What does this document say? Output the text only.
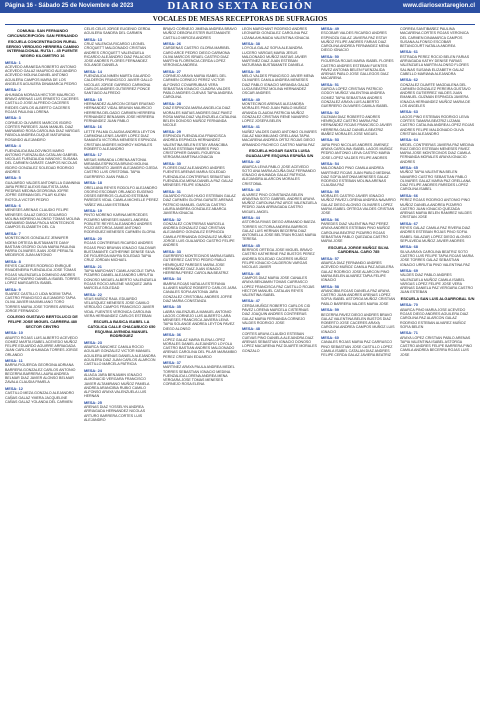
Página 16 - Sábado 25 de Noviembre de 2023	DIARIO SEXTA REGIÓN	www.diariosextaregion.cl
VOCALES DE MESAS RECEPTORAS DE SUFRAGIOS
COMUNA: SAN FERNANDO CIRCUNSCRIPCIÓN: SAN FERNANDO
ESCUELA CONCENTRACION RURAL SERGIO VERDUGO HERRERA CAMINO INTERNACIONAL RUTA I - 45 PUENTE NEGRO KILOMETRO 16
MESA: 1
ACEVEDO ARANEDA ROBERTO ANTONIO ACEVEDO GALAZ MAURICIO ALEJANDRO ACEVEDO MOLINA DANIEL ANTONIO AGUILERA CAMPOS MARIA DE LOS ANGELES AGUILERA DINAMARCA PEDRO
MESA: 2
AHUMADA MORAGA HECTOR MAURICIO BRAVO ARENAS LUIS ERNESTO CACERES CASTILLO JOSE ALFREDO CACERES RIEDES CARLOS ALBERTO CACERES ROJAS PAULINA LORENA
MESA: 3
CORNEJO OLIVARES MARCOS ISIDRO CORTES PAREDES JUAN MANUEL DIAZ MARAMBIO ROSA CAROLINA DIAZ VARGAS FABIOLA ANDREA DUQUE MATURANA ROSANDO ALEJANDRO
MESA: 4
FUENZALIDA BALDOVINOS MARIO ANTONIO FUENZALIDA CATALAN GABRIEL NICOLAS FUENZALIDA IVANOVIC SUSANA DEL CARMEN GARATE CAMPOS NICOLAS ISIDRO GONZALEZ SOLEDAD RODRIGO ANDRES
MESA: 5
GUAJARDO VALDES ANTONELLA GIANNINA JARA PEREZ ALEXIS BAUTISTA JARA PIEDRAS MEDINA GEORGINA JOFRE JOFRE GERMAN DEL PILAR KLENN RIOTOLA VICTOR PEDRO
MESA: 6
MENESES ARENAS CLAUDIO FELIPE MENESES GALAZ DIEGO EDUARDO MOLINA MORENO ALONSO TOMAS MOLINA MARAMBIO DIANA PAOLA MONTECINOS CAMPOS ELIZABETH DEL CA
MESA: 7
MONTECINOS GONZALEZ JENNIFER NOEMI ORTEGA BUSTAMANTE DANY BASTIAN OSORIO OLIVA MARIA PAULINA PARRA OLIVARES JUAN JOSE PERALTA MEDEIROS JUAN ANTONIO
MESA: 8
REYES CACERES RODRIGO ENRIQUE RIVADENEIRA FUENZALIDA JOSE TOMAS ROJAS VALENZUELA DOMINGO ANDRES ROZAS PIZARRO DANIELA ISABEL TORRES LOPEZ MARGARITA ISABEL
MESA: 9
SUAREZ CASTILLO LIDIA NOEMI TAPIA CASTRO FRANCISCO ALEJANDRO TAPIA OLIVA JAVIER MAXIMILIANO TORO TORRES MARIA JOSE TORRES ARENAS JORGE FERNANDO
COLEGIO GUSTAVO BERTOLUCCI DE FELIPE JOSE MIGUEL CARRERA 480 SECTOR CENTRO
MESA: 10
ABURTO ROJAS LUIS ALBERTO ACEVEDO GOMEZ MARTA ISABEL ACEVEDO MUÑOZ FELIPE EDUARDO AGUIRRE ARRIAGADA JUAN CARLOS AHUMADA TORRES JORGE ORLANDO
MESA: 11
BARRA FIGUEROA GEORGINA ADRIANA BARRERA GONZALEZ CARLOS ANTONIO BECERRA BARRERA LAURA ANDREA BELMAR DIAZ JAVIER ALONSO BELMAR ZAVALA CLAUDIA PAMELA
MESA: 12
CASTILLO MEZA GONZALO ALEJANDRO CAÑAS GALAZ YMERA JACQUELINE CAÑAS GALAZ YOLANDA DEL CARMEN
CELIS CELIS JORGE EUGENIO CERDA AGUILERA SANDRA DEL CARMEN
MESA: 13
CRUZ VALENCIA RICARDO LEONEL CROQUETT MALDONADO CRISTIAN ANDRES CROQUETT VALENZUELA RICARDO ALEJANDRO DIAZ PALACIOS JOSE ANDRES FLORES FERNANDEZ SOLANGE DANIELA
MESA: 14
FUENZALIDA NIMEN MARTA GALARDO CALDERON FRANCISCO JAVIER GALLO NICOLAS JORGE GARRIDO CARMONA CARLOS ANDRES GUTIERREZ PONCE SANTIAGO ALFREDO
MESA: 15
HERNANDEZ ALARCON CESAR ERASMO HERNANDEZ VIDAL BRAYAN MAURICIO HERRERA DELGADO CARMEN HERRERA FERNANDEZ BENJAMIN JOSE HERRERA FERNANDEZ JUAN PABLO
MESA: 16
LETTE PALMA CLAUDIA ANDREA LEYTON CARMONA LENIS JAVIER LOPEZ DIAZ SAMANTA VICTORIA MENESES ESPINOZA CRISTIAN ANDRES MONROY MORALES ROBERTO ALEJANDRO
MESA: 17
MESAS MIRANDA LORENA ANTONIA MIRANDA ESPINOSA BRUNO MOLINA VALDEBENITO JAVIER ALEJANDRO OJEDA CASTRO LUIS CRISTOBAL TAPIA GUERRERO JUAN PABLO
MESA: 18
ORELLANA REYES RODOLFO ALEJANDRO OSORIO ESCOBAR ORLANDO EUGENIO OSSES BERRIOS CLAUDIO ESTEBAN PAREDES VIDAL CAMILA MICHELLE PEREZ YAÑEZ WILLIAM ESTEBAN
MESA: 19
PINTO MORENO KARINA MERCEDES PIZARRO MENESES MAIKEL ANDREA POBLETE REYES ALEJANDRO ANDRES POZO ASTORGA JAIME ANTONIO RODRIGUEZ MENESES CARMEN GLORIA
MESA: 20
ROJAS CONTRERAS RICARDO ANDRES ROJAS PINO BRAYAN IGNACIO SALDIVAR BUSTAMANTE CATHERINE DENISE SILVA DE FIGUEROA MAYRA SOLEDAD TAPIA CRUZ JORDAN MICHAEL
MESA: 21
TAPIA MARCHANT CAMILA NICOLE TAPIA PIZARRO DANIEL ALEJANDRO URRUTIA DONOSO MIGUEL ALBERTO VALENZUELA ROJAS ROCIO ARLENE VASQUEZ JARA MARCELA SOLEDAD
MESA: 22
VEAS MUÑOZ RAUL EDUARDO VELASQUEZ MENESES JOSE CAMILO VERDUGO CAMPOS FRANCISCO JAVIER VIDAL FUENTES VERONICA CAROLINA VIERA HERNANDEZ CARLOS ESTEBAN
ESCUELA BASICA ISABEL LA CATOLICA CALLE CHACABUCO 650 ESQUINA AVENIDA MANUEL RODRIGUEZ
MESA: 23
ABARCA SANCHEZ CAMILA ROCIO AGUILAR GONZALEZ VICTOR MANUEL AGUILERA ARENAS DANIELA ALEJANDRA AGUILERA DIAZ JUAN CARLOS ALARCON CASTILLO MARCELA PATRICIA
MESA: 24
ALIAGA JARA BENJAMIN IGNACIO ALMONACID VERGARA FRANCISCO JAVIER ALTAMIRANO MUÑOZ PAMELA ANDREA ARANCIBIA RUBIO CAMILO ALFONSO ARAYA VALENZUELA LUIS HERNAN
MESA: 25
ARENAS DIAZ YOSSELYN ANDREA ARRIAGADA HERNANDEZ NICOLAS ARTURO BARRERA CORTES LUIS ALEJANDRO
BRAVO CORNEJO JIMENA ANDREA BRAVO MUÑOZ DEBORA ESTER BUSTAMANTE CASTILLO MIRCEA ANDRES
MESA: 26
CARDENAS CASTRO GLORIA MARIBEL CARO ARCE PEDRO DIEGO CARMONA OLIVA MARCOS ISRAEL CASTRO DIAZ MARTHA FLORENCIA CERDA LOPEZ VERONICA ANDREA
MESA: 27
CORNEJO ARAYA MARIA ISABEL DEL CARMEN CORNEJO PEREZ VICTOR ALFONSO COVARRUBIAS VERA SEBASTIAN IGNACIO CUADRA VALDES PABLO ANDRES CUEVAS TAPIA ANDREA CAROLINA
MESA: 28
DIAZ ESPINOZA MARIA ANGELICA DIAZ MORALES MATIAS ANDRES DIAZ PAVEZ ROSA MARIA DIAZ VALENZUELA CATALINA BELEN DONOSO MUÑOZ FERNANDA NICOLE
MESA: 29
ESPINOZA FUENZALIDA FRANCISCA ANDREA ESPINOZA HERNANDEZ VALENTINA BELEN ESTAY ARANCIBIA MATIAS ESTEBAN FABRES PINO CRISTOPHER DANIEL FIGUEROA VERGARA MARTINA IGNACIA
MESA: 30
FLORES DIAZ ALEJANDRO ANDRES FUENTES ARENAS MARIA SOLEDAD FUENZALIDA CONTRERAS SEBASTIAN FUENZALIDA MENA DANIELA PAZ GALAZ MENESES FELIPE IGNACIO
MESA: 31
GAJARDO ROJAS HUGO ESTEBAN GALAZ DIAZ CARMEN GLORIA GARATE ARENAS PATRICIO MANUEL GARCIA CASTRO LAURA ANDREA GONZALEZ ABARCA JAVIERA IGNACIA
MESA: 32
GONZALEZ CONTRERAS MARCELA ANDREA GONZALEZ DIAZ CRISTIAN ALEJANDRO GONZALEZ ESPINOZA CAMILA FERNANDA GONZALEZ MUÑOZ JORGE LUIS GUAJARDO CASTRO FELIPE ANDRES
MESA: 33
GUERRERO MONTECINOS MARIA ISABEL GUTIERREZ CASTRO PEDRO PABLO HENRIQUEZ PAREDES MARIA JOSE HERNANDEZ DIAZ JUAN IGNACIO HERRERA PEREZ CAROLINA BEATRIZ
MESA: 34
IBARRA ROJAS NATALIA ESTEFANIA ILLANES MUÑOZ ROBERTO CARLOS JARA CANALES SOFIA ANTONIA JARA GONZALEZ CRISTOBAL ANDRES JOFRE DIAZ MARIA CONSTANZA
MESA: 35
LABRA VALENZUELA MANUEL ANTONIO LAGOS CORNEJO LUIS ALBERTO LARA MENESES FRANCISCA JAVIERA LEIVA TAPIA SOLANGE ANDREA LEYTON PAVEZ DIEGO ALONSO
MESA: 36
LOPEZ GALAZ MARIA ELENA LOPEZ MORALES DANIEL ALEJANDRO LOYOLA CASTRO BASTIAN ANDRES MALDONADO ARENAS CAROLINA DEL PILAR MARAMBIO PEREZ CRISTIAN EDUARDO
MESA: 37
MARTINEZ ARAYA PAULA ANDREA MEDEL TORRES SEBASTIAN IGNACIO MEDINA FUENZALIDA LORENA ANDREA MENA VERGARA JOSE TOMAS MENESES CORNEJO ROSA ELENA
LEON MARCHANT RODRIGO ANDRES LEONARDI GONZALEZ CAROLINA PAZ LIZANA AHUMADA VALENTINA IGNACIA
MESA: 38
LOYOLA GALAZ SOFIA ALEJANDRA LUCERO VARGAS MARIA JESUS MALDONADO MUÑOZ MATIAS JAVIER MARTINEZ DIAZ JUAN ESTEBAN MATURANA BUSTAMANTE DANIELA
MESA: 39
MELO VALDES FRANCISCO JAVIER MENA OLIVARES CAMILA ANDREA MENESES DIAZ PABLO IGNACIO MIRANDA GALAZ LUCIA BEATRIZ MOLINA HERNANDEZ OSCAR ANDRES
MESA: 40
MONTECINOS ARENAS ALEJANDRA MORALES PINO JUAN PABLO MUÑOZ ARANDA CLAUDIA PATRICIA MUÑOZ GONZALEZ CRISTIAN RENE NAVARRO LOPEZ JOSEFA BELEN
MESA: 41
NUÑEZ VALDES DAVID ANTONIO OLIVARES GALAZ MAXIMILIANO ORELLANA TAPIA MACARENA ANDREA ORTIZ ROJAS DIEGO ARMANDO PACHECO CASTRO MARIA PAZ
ESCUELA HOGAR SANTA LUISA GUADALUPE ESQUINA ESPAÑA S/N
MESA: 42
ABARCA LEIVA PABLO JOSE ACEVEDO SOTO ANA MARIA ACUÑA DIAZ FERNANDO IGNACIO AHUMADA GALAZ PATRICIA ALEJANDRA ALARCON MORALES CRISTOBAL
MESA: 43
ALVAREZ PINO CONSTANZA BELEN ARAVENA SOTO GABRIEL ANDRES ARAYA MUÑOZ CAROLINA PAZ ARCE VALENZUELA PEDRO JUAN ARRIAGADA CASTRO MIGUEL ANGEL
MESA: 44
ASTORGA RIVAS DIEGO ARMANDO BAEZA TORRES VICTORIA ANDREA BARRIOS GALAZ LUIS HERNAN BECERRA DIAZ ANTONELLA JOSE BELTRAN ROJAS MARIA TERESA
MESA: 45
BERRIOS ORTEGA JOSE MIGUEL BRAVO CASTRO KATHERINE PAZ BUSTOS PEREZ ANDREA SOLEDAD CACERES MUÑOZ FELIPE IGNACIO CALDERON VARGAS NICOLAS JAVIER
MESA: 46
CAMPOS DIAZ MARIA JOSE CANALES ARAYA BENJAMIN TOMAS CARRASCO LOPEZ FRANCISCA PAZ CASTILLO ROJAS HECTOR MANUEL CATALAN REYES VALENTINA ISABEL
MESA: 47
CERDA MUÑOZ ROBERTO CARLOS CID PAVEZ LORENA MARCELA CISTERNAS DIAZ JOAQUIN ANDRES CONTRERAS GALAZ MARIA FERNANDA CORNEJO VALDES RODRIGO JOSE
MESA: 48
CORTES ARAYA CLAUDIO ESTEBAN CUEVAS PINO DANIELA ALEJANDRA DIAZ ARENAS SEBASTIAN IGNACIO DONOSO LOPEZ MACARENA PAZ DUARTE MORALES GONZALO
MESA: 49
ESCOBAR VALDES RICARDO ANDRES ESPINOZA GALAZ JAVIERA PAZ ESTAY MUÑOZ FELIPE ANDRES FARIAS DIAZ CAROLINA ANDREA FERNANDEZ MENA DIEGO IGNACIO
MESA: 50
FIGUEROA ROJAS MARIA ISABEL FLORES CASTRO ANDRES ESTEBAN FUENTES PAVEZ ANTONIA BELEN FUENZALIDA ARENAS PABLO JOSE GALLEGOS DIAZ MACARENA
MESA: 51
GARCIA LOPEZ CRISTIAN PATRICIO GODOY MUÑOZ VALENTINA ANDREA GOMEZ TAPIA SEBASTIAN ANDRES GONZALEZ ARAYA LUIS ALBERTO GUERRERO OLIVARES CAMILA ISABEL
MESA: 52
GUZMAN DIAZ ROBERTO ANDRES HENRIQUEZ CASTRO MARIA PAZ HERNANDEZ ROJAS FRANCISCO JAVIER HERRERA GALAZ DANIELA BEATRIZ IBAÑEZ MORALES JOSE MIGUEL
MESA: 53
JARA PINO NICOLAS ANDRES JIMENEZ ARAYA CAROLINA ISABEL LAGOS MUÑOZ PEDRO ANTONIO LEIVA CASTRO MARIA JOSE LOPEZ VALDES FELIPE ANDRES
MESA: 54
MALDONADO PINO CAMILA ANDREA MARTINEZ ROJAS JUAN PABLO MEDINA DIAZ SOFIA ANTONIA MENESES GALAZ RODRIGO ESTEBAN MOLINA ARENAS CLAUDIA PAZ
MESA: 55
MORALES CASTRO JAVIER IGNACIO MUÑOZ PAVEZ LORENA ANDREA NAVARRO GALAZ DIEGO ALONSO OLIVARES LOPEZ MARIA ISABEL ORTEGA VALDES CRISTIAN JOSE
MESA: 56
PAREDES DIAZ VALENTINA PAZ PEREZ ARAYA ANDRES ESTEBAN PINO MUÑOZ CAROLINA BEATRIZ PIZARRO ROJAS SEBASTIAN PABLO QUEZADA CASTRO MARIA JOSE
ESCUELA JORGE MUÑOZ SILVA CARDENAL CARO 785
MESA: 57
ABARCA DIAZ FERNANDO ANDRES ACEVEDO MUÑOZ CAMILA PAZ AGUILERA GALAZ RODRIGO JOSE ALARCON PINO MARIA BELEN ALVAREZ TAPIA FELIPE IGNACIO
MESA: 58
ARANCIBIA ROJAS DANIELA PAZ ARAYA CASTRO JUAN ANDRES ARENAS LOPEZ SOFIA ISABEL ASTORGA MUÑOZ CRISTIAN PABLO BARRERA VALDES MARIA JOSE
MESA: 59
BECERRA PAVEZ DIEGO ANDRES BRAVO GALAZ VALENTINA BELEN BUSTOS DIAZ ROBERTO JOSE CACERES ARAYA CAROLINA ANDREA CAMPOS MUÑOZ LUIS IGNACIO
MESA: 60
CANALES ROJAS MARIA PAZ CARRASCO PINO SEBASTIAN JOSE CASTILLO LOPEZ CAMILA ISABEL CATALAN DIAZ ANDRES FELIPE CERDA GALAZ JAVIERA BEATRIZ
CORREA SANTIBAÑEZ PAULINA MACARENA CORTES ROJAS VERONICA DEL CARMEN DINAMARCA CAMPOS SUSANA ALFONSO ESCOBAR BETANCOURT NATALIA ANDREA
MESA: 61
ESTRADA PEREZ ROCIO BELEN FARIAS ARRIAGADA KATHY DENISE FARIAS VALENZUELA MARTIN ALONSO FLORES SALINAS SUSANA ELIZABETH GALAZ CABELLO MARIANA ALEJANDRA
MESA: 62
GONZALEZ DUARTE MAGDALENA DEL CARMEN GONZALEZ PEREIRA GUSTAVO ANDRES GUTIERREZ VALDES JUAN EMANUEL GUZMAN ESPINOZA JAVIERA IGNACIA HERNANDEZ MUÑOZ MARIA DE LOS ANGELES
MESA: 63
LAGOS PINO ESTEBAN RODRIGO LEIVA CORTES TAMARA BEATRIZ LIZAMA CASTRO CATALINA ANDREA LOPEZ ROJAS ANDRES FELIPE MALDONADO OLIVA CRISTIAN ALEJANDRO
MESA: 64
MEDEL CONTRERAS JAVIERA PAZ MEDINA RUIZ DIEGO ESTEBAN MENESES PAVEZ MARIA JOSE MONTECINOS DIAZ CAMILA FERNANDA MORALES ARAYA IGNACIO ANDRES
MESA: 65
MUÑOZ TAPIA VALENTINA BELEN NAVARRO CASTRO SEBASTIAN PABLO OLIVARES GALAZ MARIA PAZ ORELLANA DIAZ FELIPE ANDRES PAREDES LOPEZ CAROLINA ISABEL
MESA: 66
PEREZ ROJAS RODRIGO ANTONIO PINO MUÑOZ DANIELA ANDREA PIZARRO CASTRO JUAN IGNACIO QUEZADA ARENAS MARIA BELEN RAMIREZ VALDES CRISTIAN JOSE
MESA: 67
REYES GALAZ CAMILA PAZ RIVERA DIAZ ANDRES ESTEBAN ROJAS PINO SOFIA ISABEL SALAZAR LOPEZ DIEGO ALONSO SEPULVEDA MUÑOZ JAVIER ANDRES
MESA: 68
SILVA ARAYA CAROLINA BEATRIZ SOTO CASTRO LUIS FELIPE TAPIA ROJAS MARIA JOSE TORRES GALAZ SEBASTIAN IGNACIO URRUTIA PINO VALENTINA PAZ
MESA: 69
VALDES DIAZ PABLO ANDRES VALENZUELA MUÑOZ CAMILA ISABEL VARGAS LOPEZ FELIPE JOSE VERA ARENAS DANIELA PAZ VERGARA CASTRO JUAN ESTEBAN
ESCUELA SAN LUIS ALGARROBAL S/N
MESA: 70
ABARCA PINO MARIA JOSE ACEVEDO ROJAS DIEGO ANDRES AGUILERA DIAZ CAROLINA PAZ ALARCON GALAZ RODRIGO ESTEBAN ALVAREZ MUÑOZ SOFIA BELEN
MESA: 71
ARAYA LOPEZ CRISTIAN PABLO ARENAS TAPIA VALENTINA ISABEL ASTORGA CASTRO ANDRES FELIPE BARRERA PINO CAMILA ANDREA BECERRA ROJAS LUIS JOSE
